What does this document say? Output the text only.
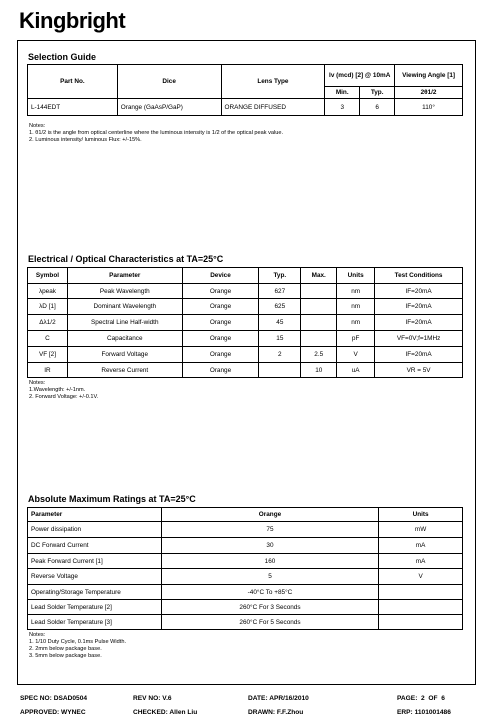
Kingbright
Selection Guide
Part No.	Dice	Lens Type	Iv (mcd) [2] @ 10mA		Viewing Angle [1]
			Min.	Typ.	2θ1/2
L-144EDT	Orange (GaAsP/GaP)	ORANGE DIFFUSED	3	6	110°
Notes:
1. θ1/2 is the angle from optical centerline where the luminous intensity is 1/2 of the optical peak value.
2. Luminous intensity/ luminous Flux: +/-15%.
Electrical / Optical Characteristics at TA=25°C
Symbol	Parameter	Device	Typ.	Max.	Units	Test Conditions
λpeak	Peak Wavelength	Orange	627		nm	IF=20mA
λD [1]	Dominant Wavelength	Orange	625		nm	IF=20mA
Δλ1/2	Spectral Line Half-width	Orange	45		nm	IF=20mA
C	Capacitance	Orange	15		pF	VF=0V;f=1MHz
VF [2]	Forward Voltage	Orange	2	2.5	V	IF=20mA
IR	Reverse Current	Orange		10	uA	VR = 5V
Notes:
1.Wavelength: +/-1nm.
2. Forward Voltage: +/-0.1V.
Absolute Maximum Ratings at TA=25°C
Parameter	Orange	Units
Power dissipation	75	mW
DC Forward Current	30	mA
Peak Forward Current [1]	160	mA
Reverse Voltage	5	V
Operating/Storage Temperature	-40°C To +85°C	
Lead Solder Temperature [2]	260°C For 3 Seconds	
Lead Solder Temperature [3]	260°C For 5 Seconds	
Notes:
1. 1/10 Duty Cycle, 0.1ms Pulse Width.
2. 2mm below package base.
3. 5mm below package base.
SPEC NO: DSAD0504	REV NO: V.6	DATE: APR/16/2010	PAGE:  2  OF  6
APPROVED: WYNEC	CHECKED: Allen Liu	DRAWN: F.F.Zhou	ERP: 1101001486
